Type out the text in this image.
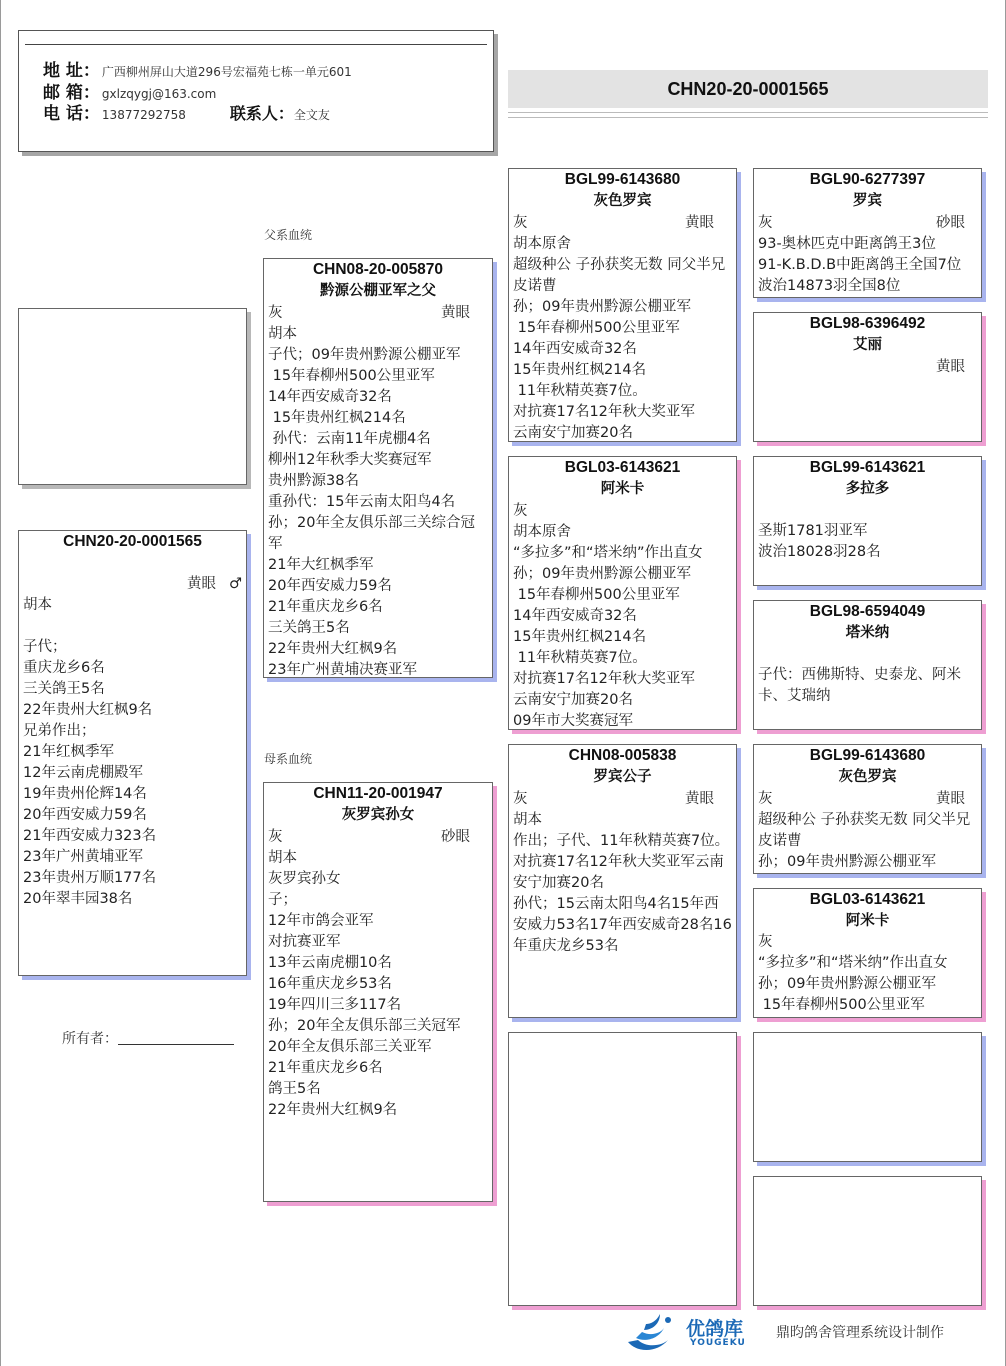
地 址： 广西柳州屏山大道296号宏福苑七栋一单元601
邮 箱： gxlzqygj@163.com
电 话： 13877292758	联系人：全文友
CHN20-20-0001565
父系血统
母系血统
CHN20-20-0001565
黄眼 ♂
胡本
子代；
重庆龙乡6名
三关鸽王5名
22年贵州大红枫9名
兄弟作出；
21年红枫季军
12年云南虎棚殿军
19年贵州伦辉14名
20年西安威力59名
21年西安威力323名
23年广州黄埔亚军
23年贵州万顺177名
20年翠丰园38名
所有者：
CHN08-20-005870
黔源公棚亚军之父
灰	黄眼
胡本
子代；09年贵州黔源公棚亚军
15年春柳州500公里亚军
14年西安威奇32名
15年贵州红枫214名
孙代：云南11年虎棚4名
柳州12年秋季大奖赛冠军
贵州黔源38名
重孙代：15年云南太阳鸟4名
孙；20年全友俱乐部三关综合冠军
21年大红枫季军
20年西安威力59名
21年重庆龙乡6名
三关鸽王5名
22年贵州大红枫9名
23年广州黄埔决赛亚军
CHN11-20-001947
灰罗宾孙女
灰	砂眼
胡本
灰罗宾孙女
子；
12年市鸽会亚军
对抗赛亚军
13年云南虎棚10名
16年重庆龙乡53名
19年四川三多117名
孙；20年全友俱乐部三关冠军
20年全友俱乐部三关亚军
21年重庆龙乡6名
鸽王5名
22年贵州大红枫9名
BGL99-6143680
灰色罗宾
灰	黄眼
胡本原舍
超级种公 子孙获奖无数 同父半兄皮诺曹
孙；09年贵州黔源公棚亚军
15年春柳州500公里亚军
14年西安威奇32名
15年贵州红枫214名
11年秋精英赛7位。
对抗赛17名12年秋大奖亚军
云南安宁加赛20名
BGL03-6143621
阿米卡
灰
胡本原舍
“多拉多”和“塔米纳”作出直女
孙；09年贵州黔源公棚亚军
15年春柳州500公里亚军
14年西安威奇32名
15年贵州红枫214名
11年秋精英赛7位。
对抗赛17名12年秋大奖亚军
云南安宁加赛20名
09年市大奖赛冠军
CHN08-005838
罗宾公子
灰	黄眼
胡本
作出；子代、11年秋精英赛7位。对抗赛17名12年秋大奖亚军云南安宁加赛20名
孙代；15云南太阳鸟4名15年西安威力53名17年西安威奇28名16年重庆龙乡53名
BGL90-6277397
罗宾
灰	砂眼
93-奥林匹克中距离鸽王3位
91-K.B.D.B中距离鸽王全国7位
波治14873羽全国8位
BGL98-6396492
艾丽
黄眼
BGL99-6143621
多拉多
圣斯1781羽亚军
波治18028羽28名
BGL98-6594049
塔米纳
子代：西佛斯特、史泰龙、阿米卡、艾瑞纳
BGL99-6143680
灰色罗宾
灰	黄眼
超级种公 子孙获奖无数 同父半兄皮诺曹
孙；09年贵州黔源公棚亚军
BGL03-6143621
阿米卡
灰
“多拉多”和“塔米纳”作出直女
孙；09年贵州黔源公棚亚军
15年春柳州500公里亚军
优鸽库
YOUGEKU
鼎昀鸽舍管理系统设计制作
